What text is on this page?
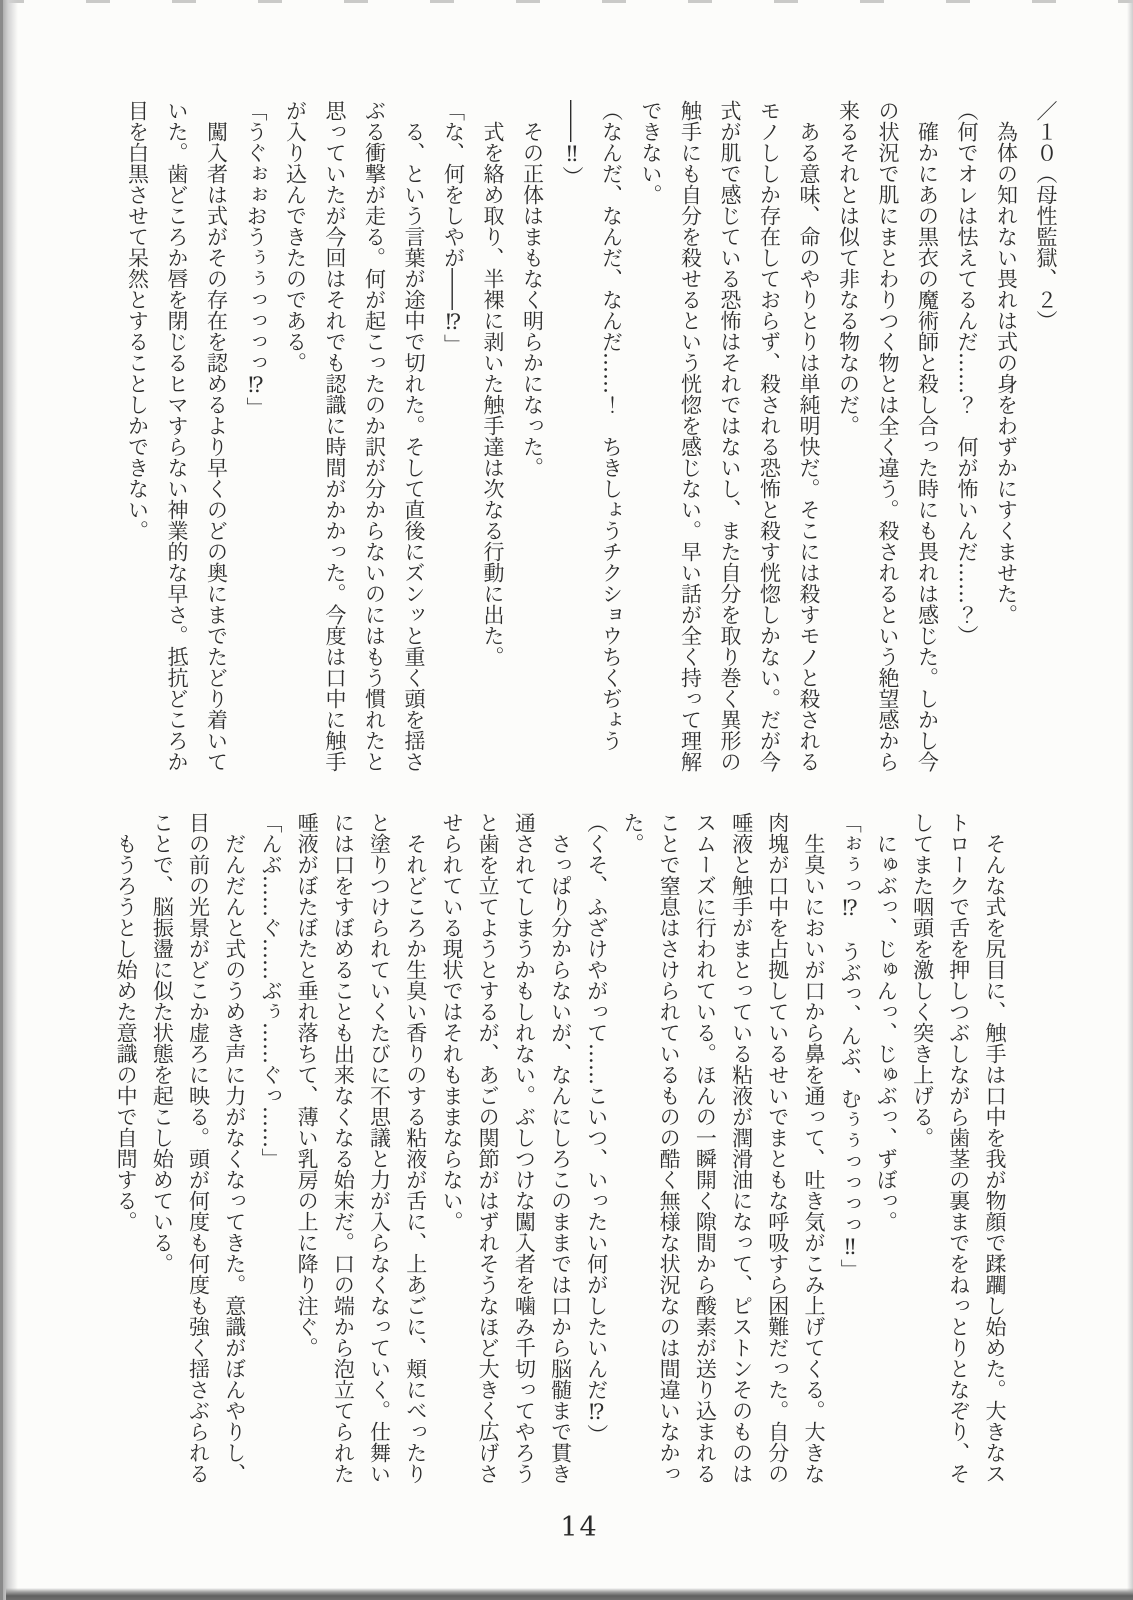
／１０（母性監獄、２）

　為体の知れない畏れは式の身をわずかにすくませた。

（何でオレは怯えてるんだ……？　何が怖いんだ……？）

　確かにあの黒衣の魔術師と殺し合った時にも畏れは感じた。しかし今の状況で肌にまとわりつく物とは全く違う。殺されるという絶望感から来るそれとは似て非なる物なのだ。

　ある意味、命のやりとりは単純明快だ。そこには殺すモノと殺されるモノししか存在しておらず、殺される恐怖と殺す恍惚しかない。だが今式が肌で感じている恐怖はそれではないし、また自分を取り巻く異形の触手にも自分を殺せるという恍惚を感じない。早い話が全く持って理解できない。

（なんだ、なんだ、なんだ……！　ちきしょうチクショウちくぢょう――‼）

　その正体はまもなく明らかになった。

　式を絡め取り、半裸に剥いた触手達は次なる行動に出た。

「な、何をしやが――⁉」

　る、という言葉が途中で切れた。そして直後にズンッと重く頭を揺さぶる衝撃が走る。何が起こったのか訳が分からないのにはもう慣れたと思っていたが今回はそれでも認識に時間がかかった。今度は口中に触手が入り込んできたのである。

「うぐぉぉおうぅぅっっっっ⁉」

　闖入者は式がその存在を認めるより早くのどの奥にまでたどり着いていた。歯どころか唇を閉じるヒマすらない神業的な早さ。抵抗どころか目を白黒させて呆然とすることしかできない。

　そんな式を尻目に、触手は口中を我が物顔で蹂躙し始めた。大きなストロークで舌を押しつぶしながら歯茎の裏までをねっとりとなぞり、そしてまた咽頭を激しく突き上げる。

　にゅぶっ、じゅんっ、じゅぶっ、ずぼっ。

「ぉぅっ⁉　うぶっ、んぶ、むぅぅっっっっ‼」

　生臭いにおいが口から鼻を通って、吐き気がこみ上げてくる。大きな肉塊が口中を占拠しているせいでまともな呼吸すら困難だった。自分の唾液と触手がまとっている粘液が潤滑油になって、ピストンそのものはスムーズに行われている。ほんの一瞬開く隙間から酸素が送り込まれることで窒息はさけられているものの酷く無様な状況なのは間違いなかった。

（くそ、ふざけやがって……こいつ、いったい何がしたいんだ⁉）

　さっぱり分からないが、なんにしろこのままでは口から脳髄まで貫き通されてしまうかもしれない。ぶしつけな闖入者を噛み千切ってやろうと歯を立てようとするが、あごの関節がはずれそうなほど大きく広げさせられている現状ではそれもままならない。

　それどころか生臭い香りのする粘液が舌に、上あごに、頬にべったりと塗りつけられていくたびに不思議と力が入らなくなっていく。仕舞いには口をすぼめることも出来なくなる始末だ。口の端から泡立てられた唾液がぼたぼたと垂れ落ちて、薄い乳房の上に降り注ぐ。

「んぶ……ぐ……ぶぅ……ぐっ……」

　だんだんと式のうめき声に力がなくなってきた。意識がぼんやりし、目の前の光景がどこか虚ろに映る。頭が何度も何度も強く揺さぶられることで、脳振盪に似た状態を起こし始めている。

　もうろうとし始めた意識の中で自問する。

14
